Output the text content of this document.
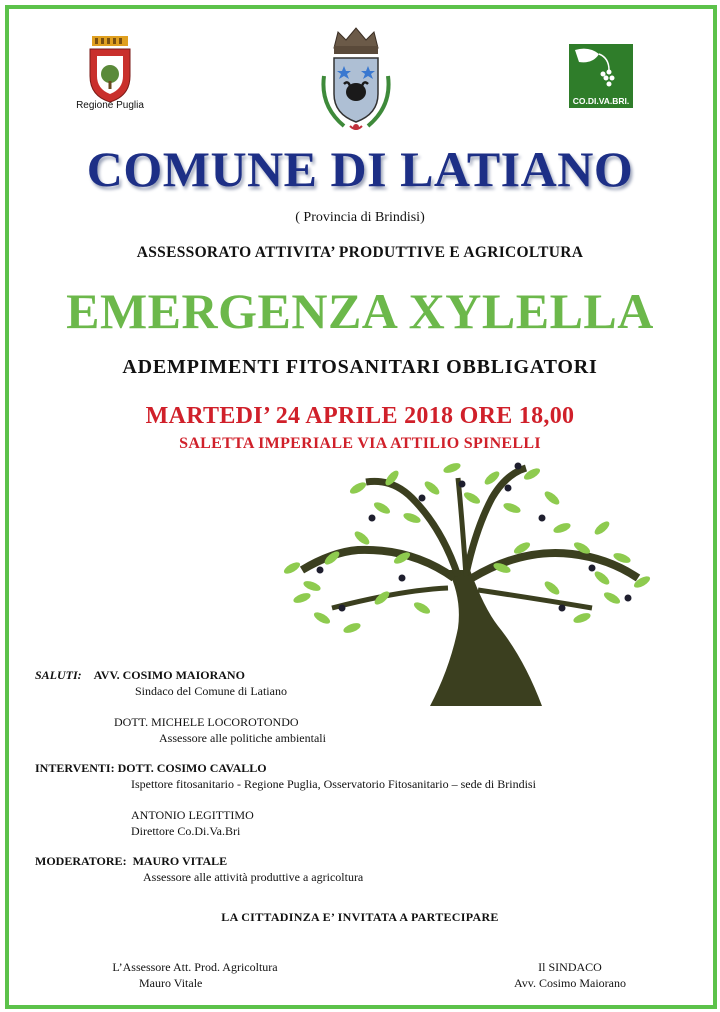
Regione Puglia	CO.DI.VA.BRI.
COMUNE DI LATIANO
( Provincia di Brindisi)
ASSESSORATO ATTIVITA’ PRODUTTIVE E AGRICOLTURA
EMERGENZA XYLELLA
ADEMPIMENTI FITOSANITARI OBBLIGATORI
MARTEDI’ 24 APRILE 2018 ORE 18,00
SALETTA IMPERIALE VIA ATTILIO SPINELLI
SALUTI: AVV. COSIMO MAIORANO
Sindaco del Comune di Latiano
DOTT. MICHELE LOCOROTONDO
Assessore alle politiche ambientali
INTERVENTI: DOTT. COSIMO CAVALLO
Ispettore fitosanitario - Regione Puglia, Osservatorio Fitosanitario – sede di Brindisi
ANTONIO LEGITTIMO
Direttore Co.Di.Va.Bri
MODERATORE: MAURO VITALE
Assessore alle attività produttive a agricoltura
LA CITTADINZA E’ INVITATA A PARTECIPARE
L’Assessore Att. Prod. Agricoltura
Mauro Vitale
Il SINDACO
Avv. Cosimo Maiorano
